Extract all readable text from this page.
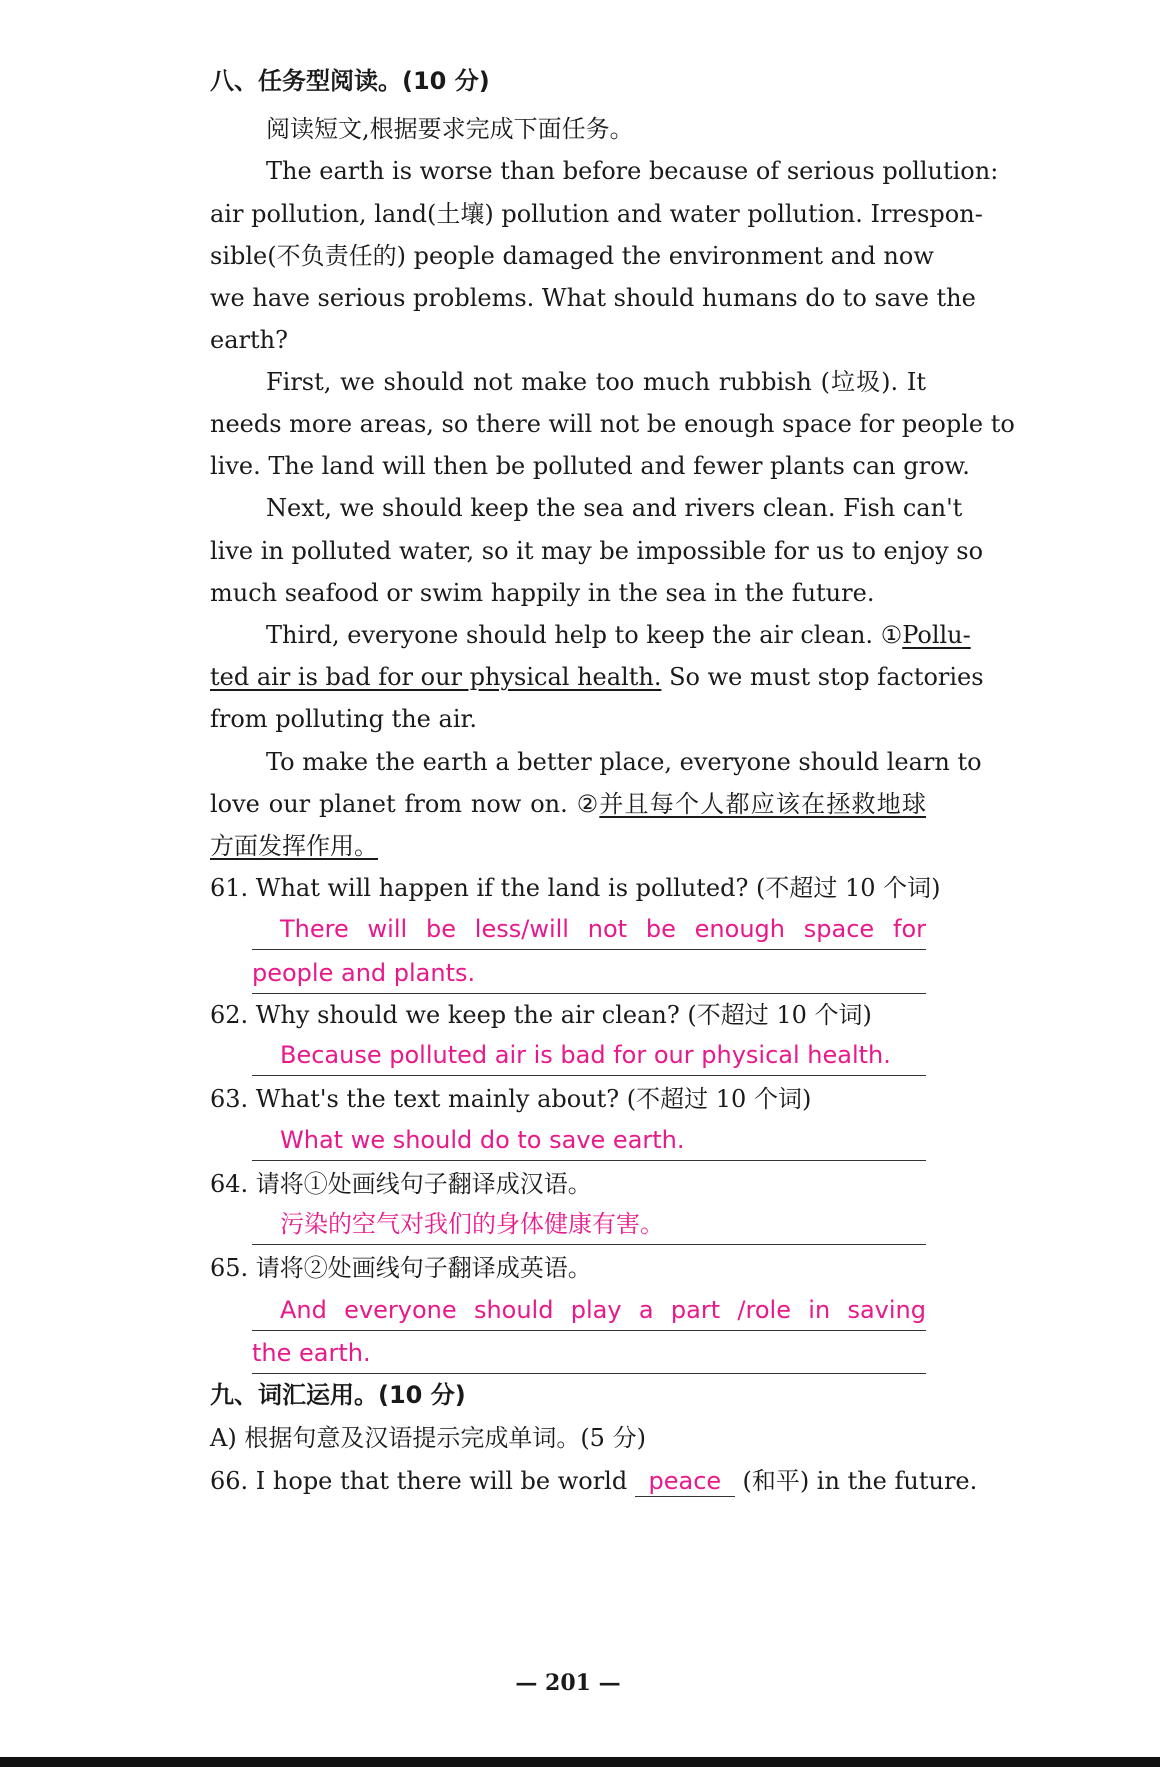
八、任务型阅读。(10 分)
阅读短文,根据要求完成下面任务。
The earth is worse than before because of serious pollution:
air pollution, land(土壤) pollution and water pollution. Irrespon-
sible(不负责任的) people damaged the environment and now
we have serious problems. What should humans do to save the
earth?
First, we should not make too much rubbish (垃圾). It
needs more areas, so there will not be enough space for people to
live. The land will then be polluted and fewer plants can grow.
Next, we should keep the sea and rivers clean. Fish can't
live in polluted water, so it may be impossible for us to enjoy so
much seafood or swim happily in the sea in the future.
Third, everyone should help to keep the air clean. ①Pollu-
ted air is bad for our physical health. So we must stop factories
from polluting the air.
To make the earth a better place, everyone should learn to
love our planet from now on. ②并且每个人都应该在拯救地球
方面发挥作用。
61. What will happen if the land is polluted? (不超过 10 个词)
There will be less/will not be enough space for
people and plants.
62. Why should we keep the air clean? (不超过 10 个词)
Because polluted air is bad for our physical health.
63. What's the text mainly about? (不超过 10 个词)
What we should do to save earth.
64. 请将①处画线句子翻译成汉语。
污染的空气对我们的身体健康有害。
65. 请将②处画线句子翻译成英语。
And everyone should play a part /role in saving
the earth.
九、词汇运用。(10 分)
A) 根据句意及汉语提示完成单词。(5 分)
66. I hope that there will be world peace (和平) in the future.
— 201 —
